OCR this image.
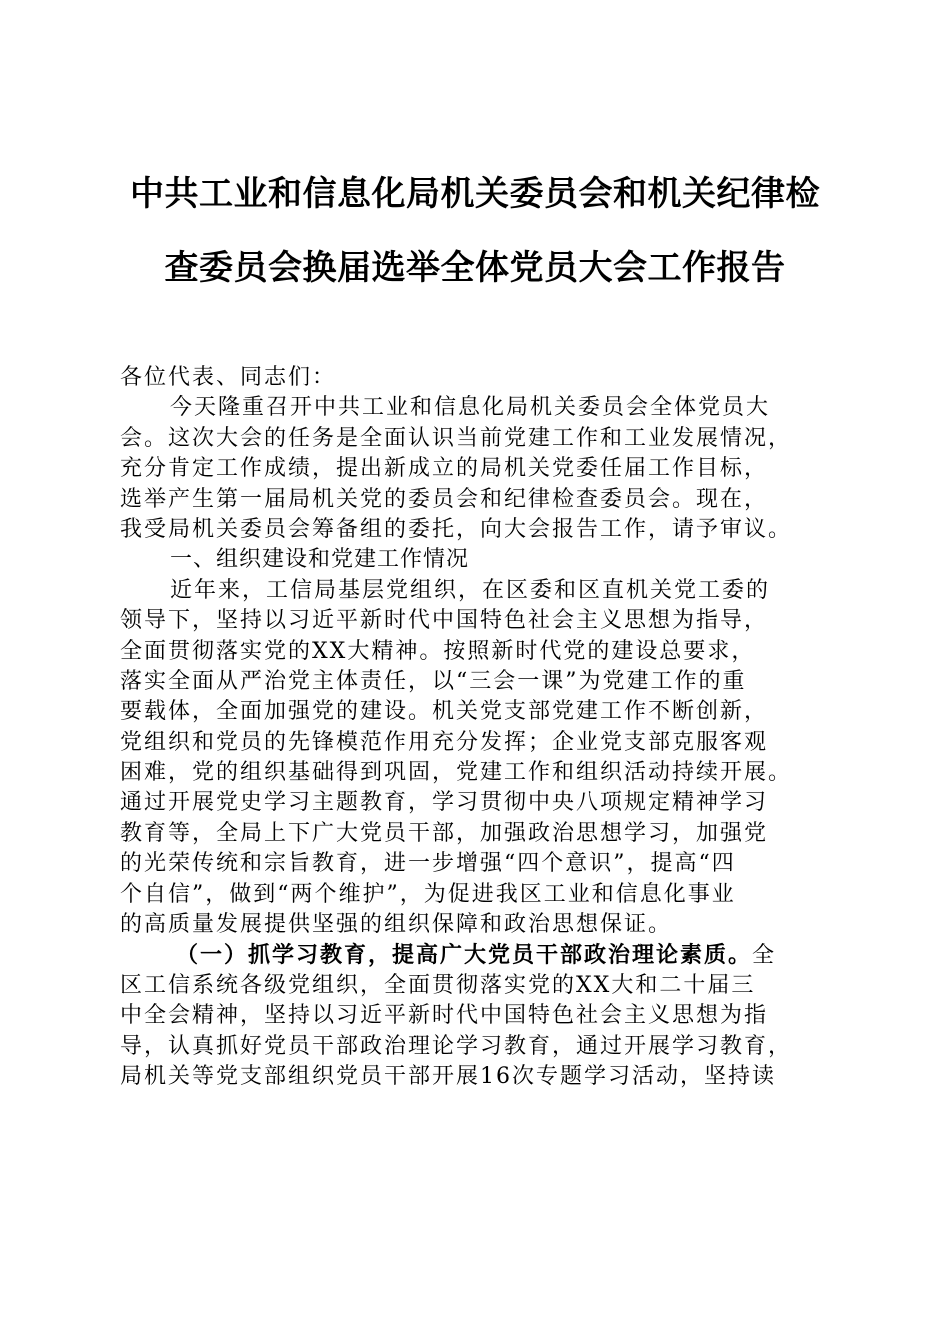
中共工业和信息化局机关委员会和机关纪律检
查委员会换届选举全体党员大会工作报告
各位代表、同志们：
今天隆重召开中共工业和信息化局机关委员会全体党员大
会。这次大会的任务是全面认识当前党建工作和工业发展情况，
充分肯定工作成绩，提出新成立的局机关党委任届工作目标，
选举产生第一届局机关党的委员会和纪律检查委员会。现在，
我受局机关委员会筹备组的委托，向大会报告工作，请予审议。
一、组织建设和党建工作情况
近年来，工信局基层党组织，在区委和区直机关党工委的
领导下，坚持以习近平新时代中国特色社会主义思想为指导，
全面贯彻落实党的XX大精神。按照新时代党的建设总要求，
落实全面从严治党主体责任，以“三会一课”为党建工作的重
要载体，全面加强党的建设。机关党支部党建工作不断创新，
党组织和党员的先锋模范作用充分发挥；企业党支部克服客观
困难，党的组织基础得到巩固，党建工作和组织活动持续开展。
通过开展党史学习主题教育，学习贯彻中央八项规定精神学习
教育等，全局上下广大党员干部，加强政治思想学习，加强党
的光荣传统和宗旨教育，进一步增强“四个意识”，提高“四
个自信”，做到“两个维护”，为促进我区工业和信息化事业
的高质量发展提供坚强的组织保障和政治思想保证。
（一）抓学习教育，提高广大党员干部政治理论素质。全
区工信系统各级党组织，全面贯彻落实党的XX大和二十届三
中全会精神，坚持以习近平新时代中国特色社会主义思想为指
导，认真抓好党员干部政治理论学习教育，通过开展学习教育，
局机关等党支部组织党员干部开展16次专题学习活动，坚持读
